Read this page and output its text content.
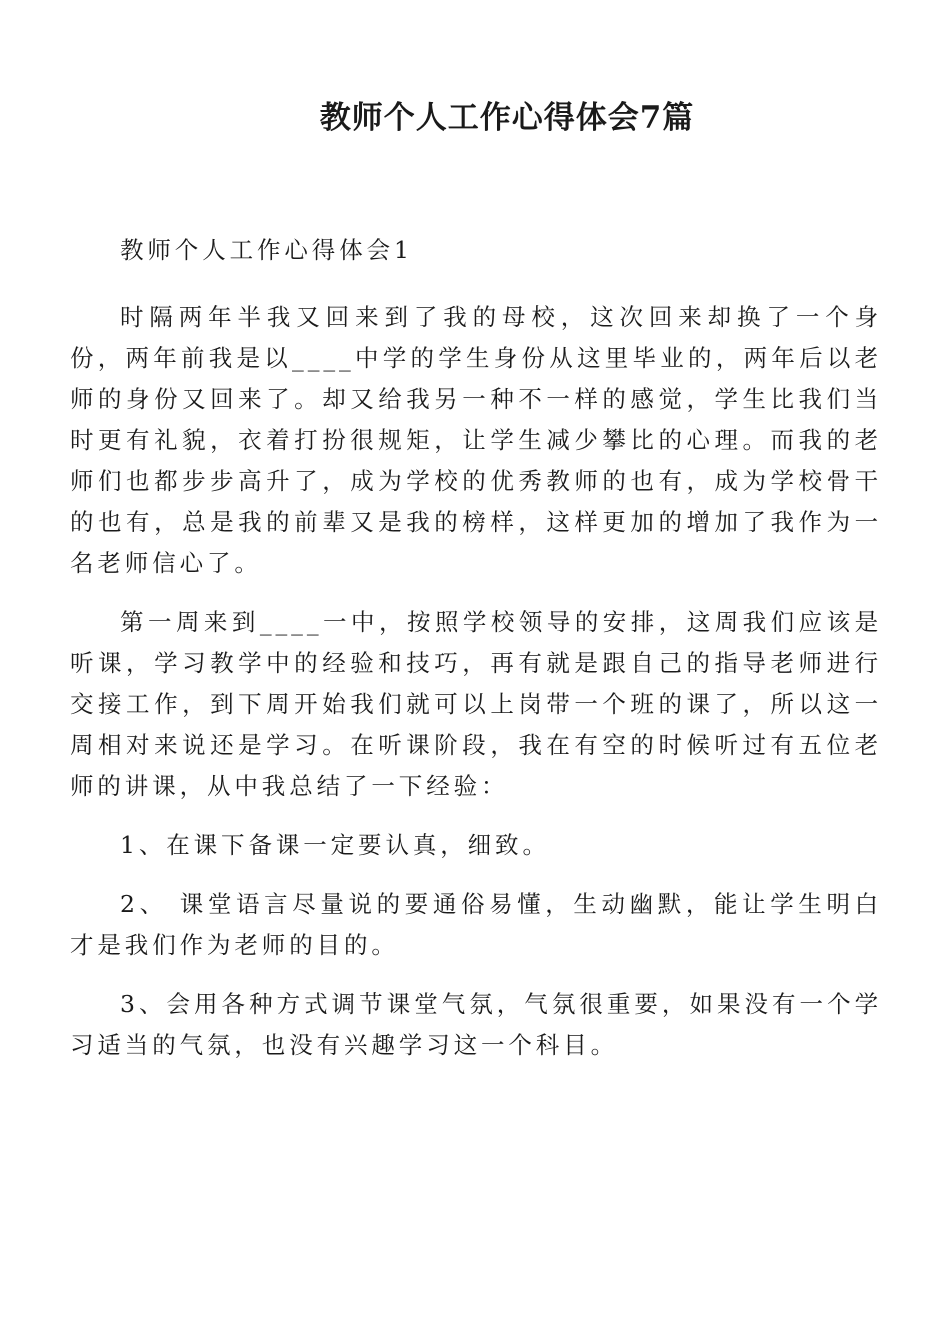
教师个人工作心得体会7篇

教师个人工作心得体会1

时隔两年半我又回来到了我的母校，这次回来却换了一个身份，两年前我是以____中学的学生身份从这里毕业的，两年后以老师的身份又回来了。却又给我另一种不一样的感觉，学生比我们当时更有礼貌，衣着打扮很规矩，让学生减少攀比的心理。而我的老师们也都步步高升了，成为学校的优秀教师的也有，成为学校骨干的也有，总是我的前辈又是我的榜样，这样更加的增加了我作为一名老师信心了。

第一周来到____一中，按照学校领导的安排，这周我们应该是听课，学习教学中的经验和技巧，再有就是跟自己的指导老师进行交接工作，到下周开始我们就可以上岗带一个班的课了，所以这一周相对来说还是学习。在听课阶段，我在有空的时候听过有五位老师的讲课，从中我总结了一下经验：

1、在课下备课一定要认真，细致。

2、 课堂语言尽量说的要通俗易懂，生动幽默，能让学生明白才是我们作为老师的目的。

3、会用各种方式调节课堂气氛，气氛很重要，如果没有一个学习适当的气氛，也没有兴趣学习这一个科目。
